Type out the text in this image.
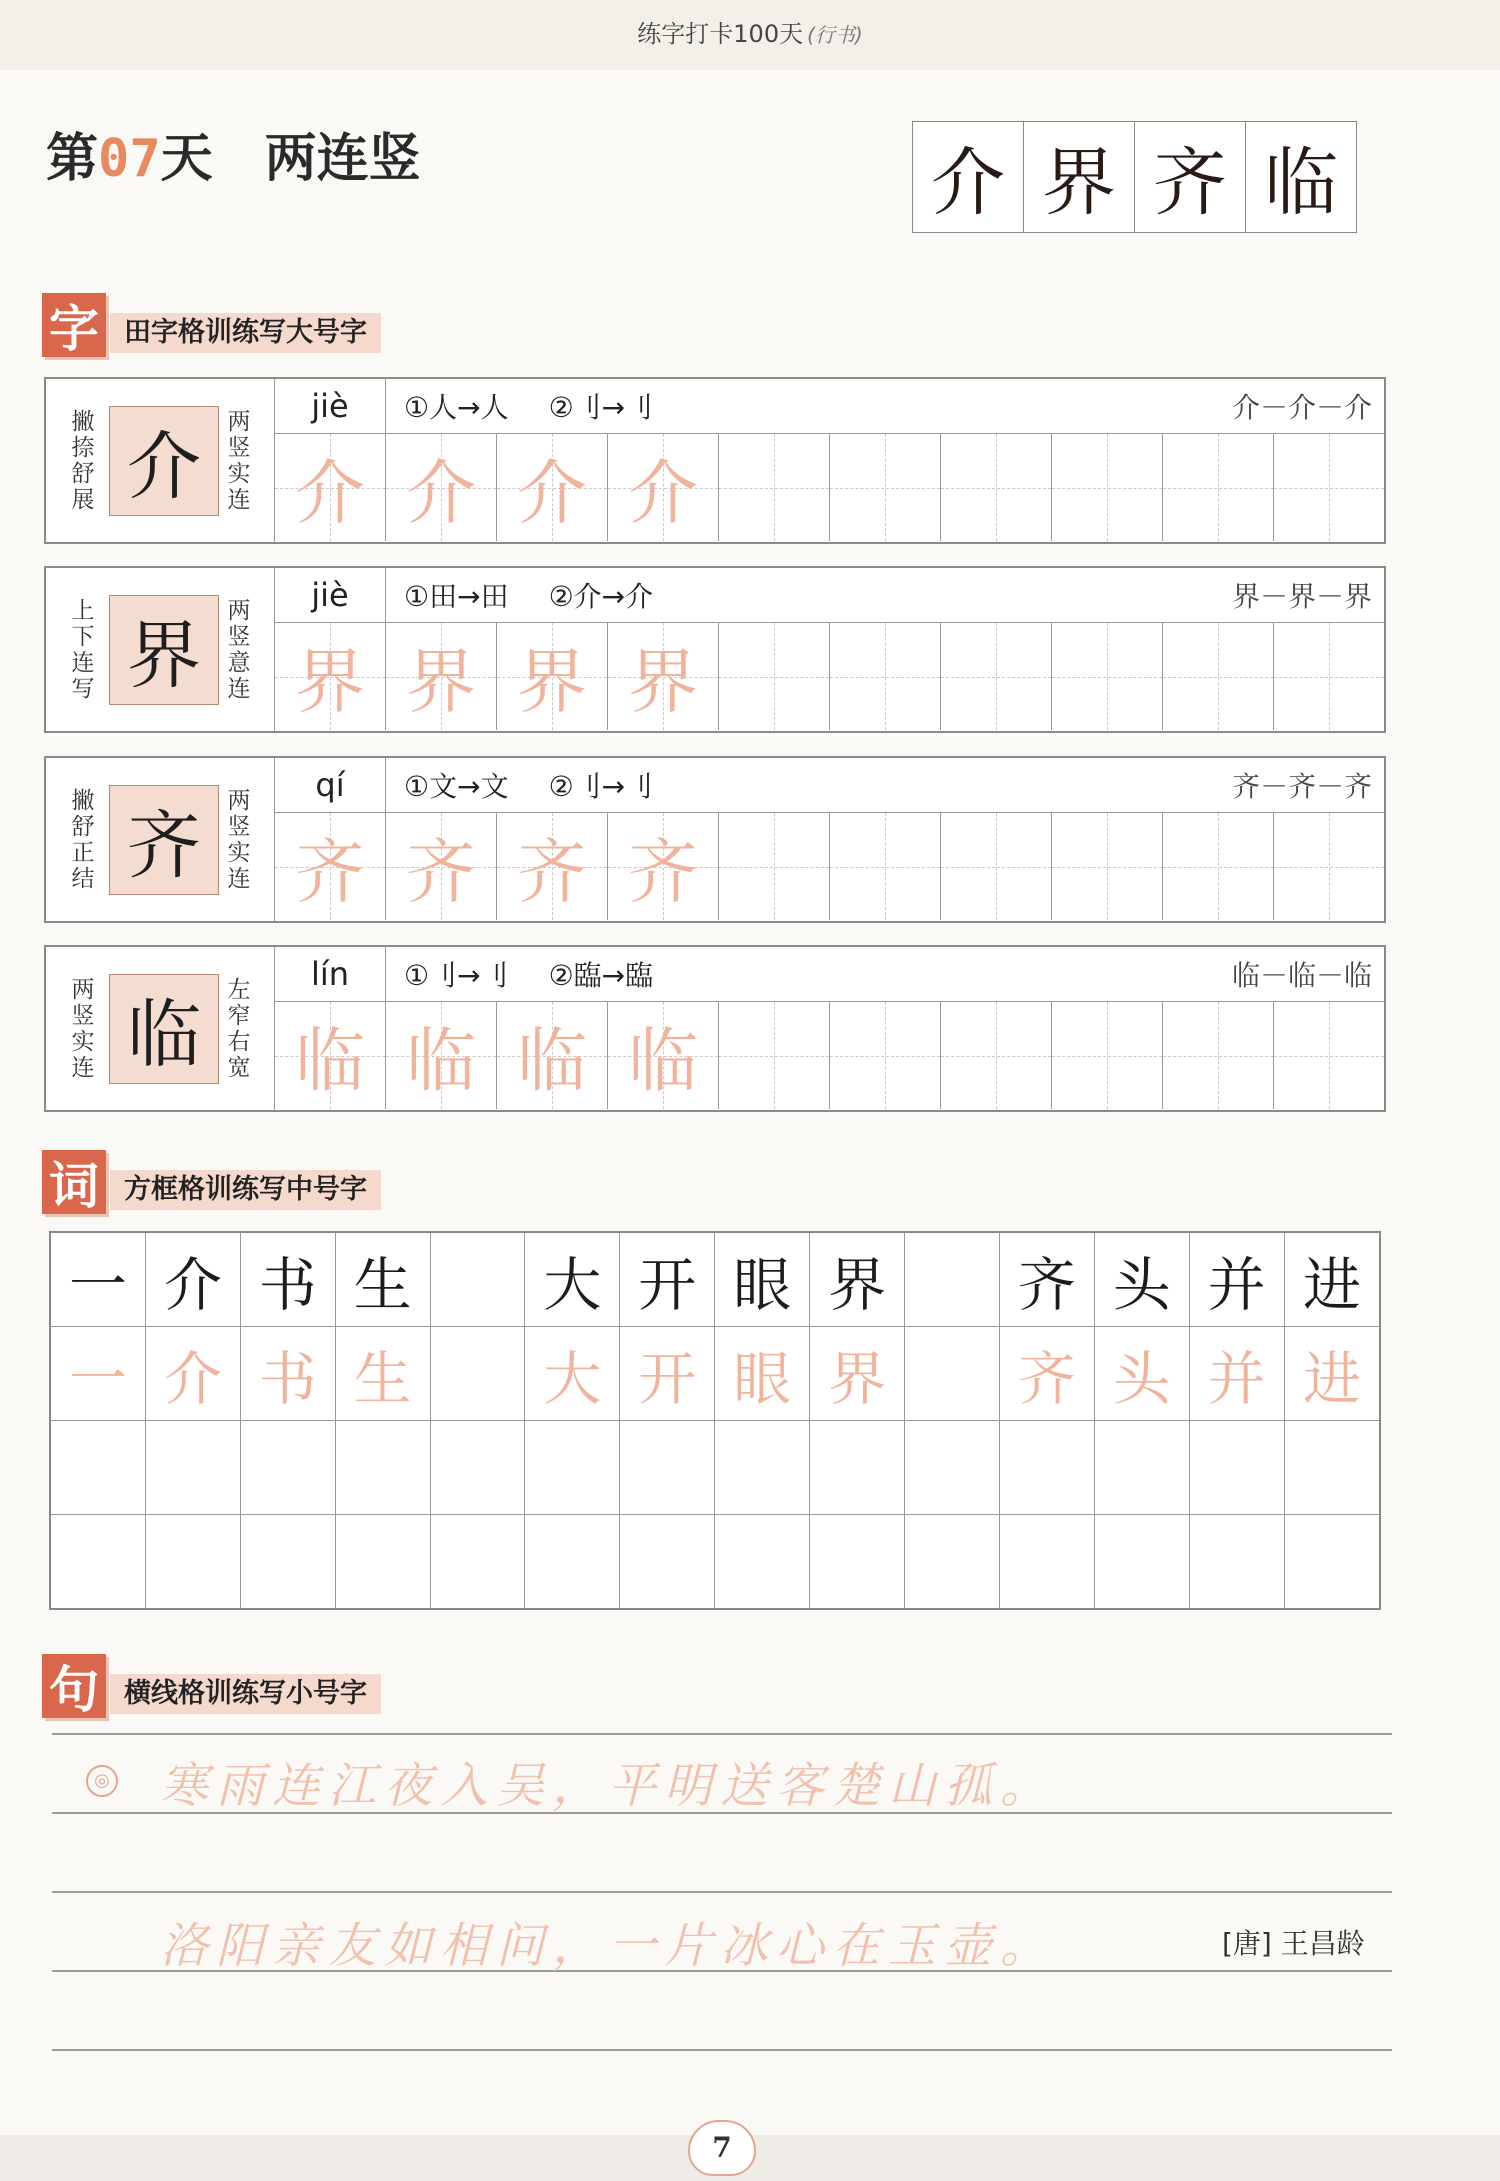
练字打卡100天 (行书)
第07天 两连竖	介 界 齐 临
字 田字格训练写大号字
撇捺舒展 介
两竖实连
jiè	①人→人 ②刂→刂	介－介－介
介 介 介 介
上下连写 界
两竖意连
jiè	①田→田 ②介→介	界－界－界
界 界 界 界
撇舒正结 齐
两竖实连
qí	①文→文 ②刂→刂	齐－齐－齐
齐 齐 齐 齐
两竖实连 临
左窄右宽
lín	①刂→刂 ②臨→臨	临－临－临
临 临 临 临
词 方框格训练写中号字
一 介 书 生	大 开 眼 界	齐 头 并 进
一 介 书 生	大 开 眼 界	齐 头 并 进
句 横线格训练写小号字
◎ 寒雨连江夜入吴，平明送客楚山孤。
洛阳亲友如相问，一片冰心在玉壶。	[唐] 王昌龄
7
